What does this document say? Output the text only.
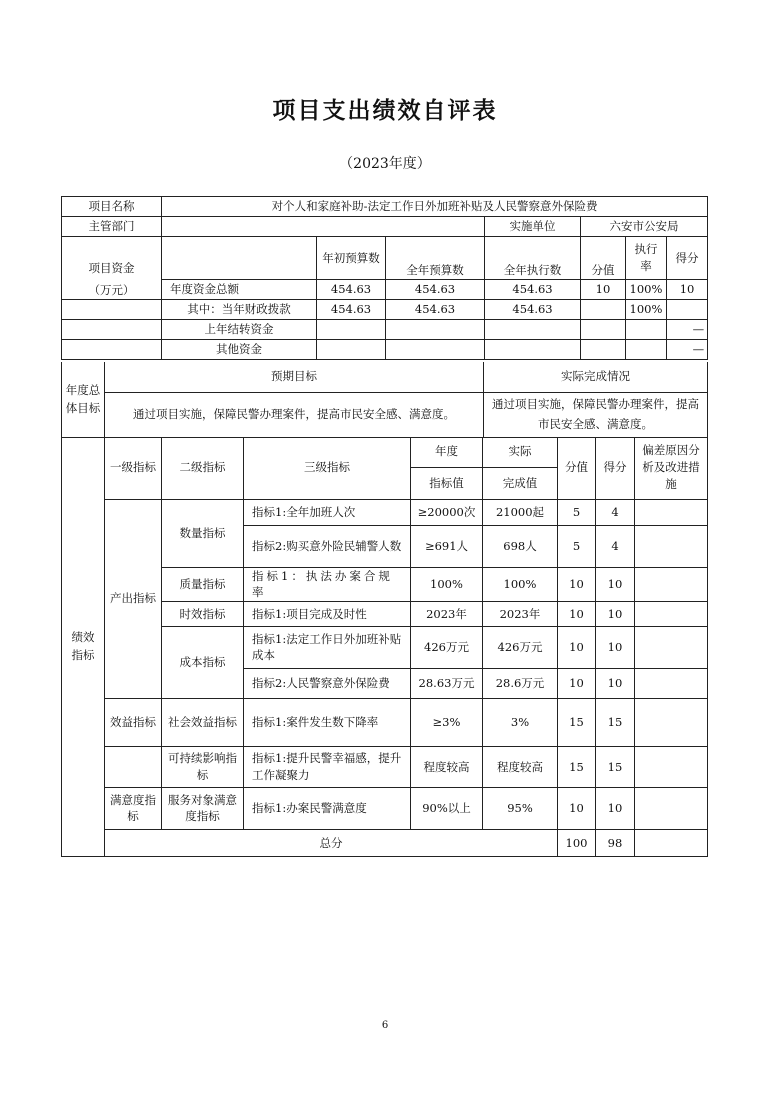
项目支出绩效自评表
（2023年度）
项目名称	对个人和家庭补助-法定工作日外加班补贴及人民警察意外保险费						
主管部门				实施单位	六安市公安局		

项目资金
（万元）		年初预算数	全年预算数	全年执行数	分值	执行率	得分
	年度资金总额	454.63	454.63	454.63	10	100%	10
	其中：当年财政拨款	454.63	454.63	454.63		100%	
	上年结转资金						—
	其他资金						—
年度总体目标	预期目标	实际完成情况
	通过项目实施，保障民警办理案件，提高市民安全感、满意度。	通过项目实施，保障民警办理案件，提高市民安全感、满意度。
绩效指标	一级指标	二级指标	三级指标	年度	实际	分值	得分	偏差原因分析及改进措施
				指标值	完成值			
	产出指标	数量指标	指标1:全年加班人次	≥20000次	21000起	5	4	
			指标2:购买意外险民辅警人数	≥691人	698人	5	4	
		质量指标	指标1：执法办案合规率	100%	100%	10	10	
		时效指标	指标1:项目完成及时性	2023年	2023年	10	10	
		成本指标	指标1:法定工作日外加班补贴成本	426万元	426万元	10	10	
			指标2:人民警察意外保险费	28.63万元	28.6万元	10	10	
	效益指标	社会效益指标	指标1:案件发生数下降率	≥3%	3%	15	15	
		可持续影响指标	指标1:提升民警幸福感，提升工作凝聚力	程度较高	程度较高	15	15	
	满意度指标	服务对象满意度指标	指标1:办案民警满意度	90%以上	95%	10	10	
	总分					100	98	
6
